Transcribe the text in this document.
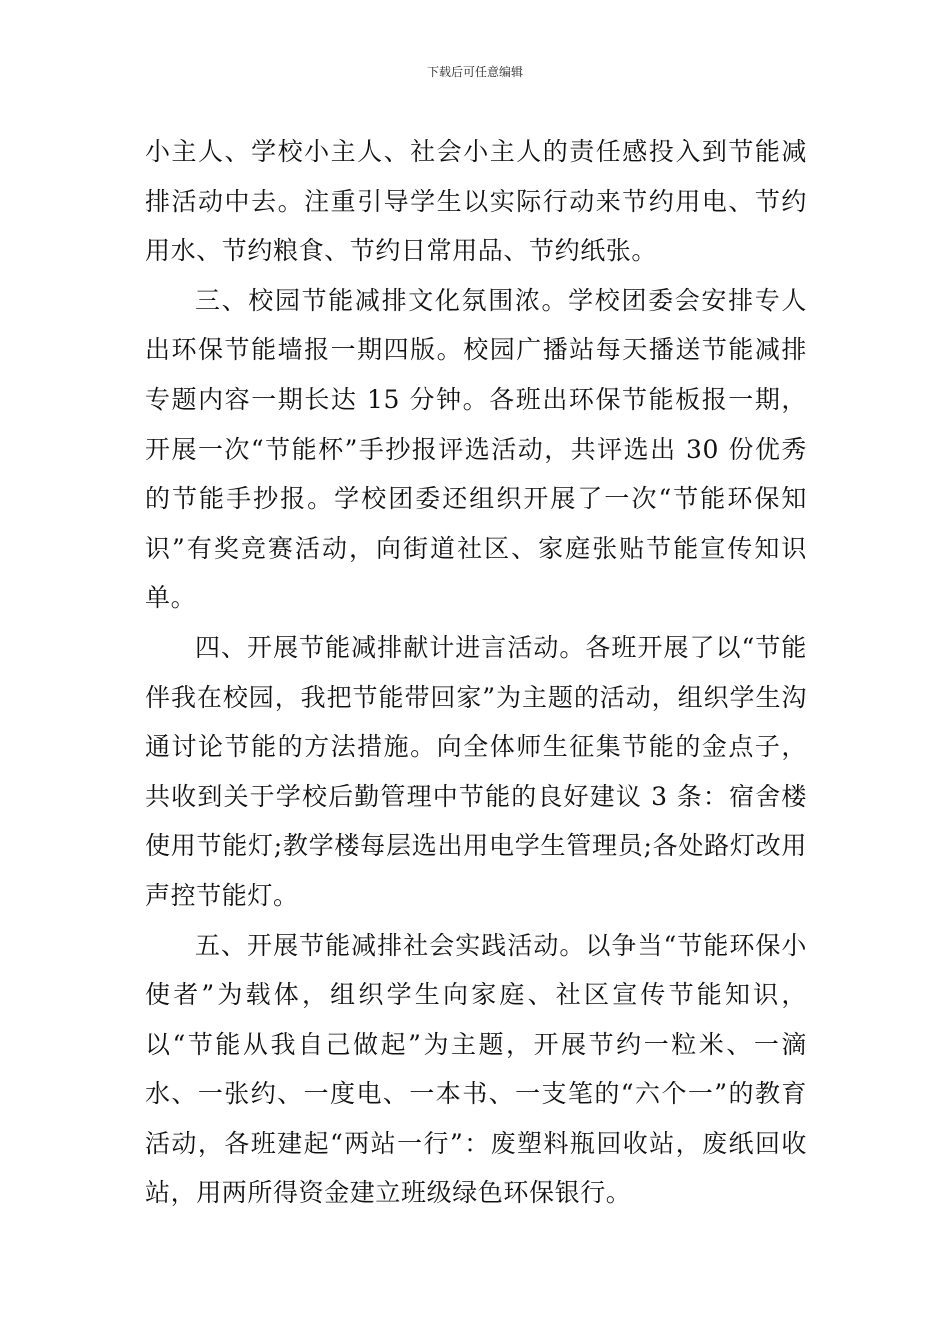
下载后可任意编辑

小主人、学校小主人、社会小主人的责任感投入到节能减排活动中去。注重引导学生以实际行动来节约用电、节约用水、节约粮食、节约日常用品、节约纸张。

三、校园节能减排文化氛围浓。学校团委会安排专人出环保节能墙报一期四版。校园广播站每天播送节能减排专题内容一期长达 15 分钟。各班出环保节能板报一期，开展一次“节能杯”手抄报评选活动，共评选出 30 份优秀的节能手抄报。学校团委还组织开展了一次“节能环保知识”有奖竞赛活动，向街道社区、家庭张贴节能宣传知识单。

四、开展节能减排献计进言活动。各班开展了以“节能伴我在校园，我把节能带回家”为主题的活动，组织学生沟通讨论节能的方法措施。向全体师生征集节能的金点子，共收到关于学校后勤管理中节能的良好建议 3 条：宿舍楼使用节能灯;教学楼每层选出用电学生管理员;各处路灯改用声控节能灯。

五、开展节能减排社会实践活动。以争当“节能环保小使者”为载体，组织学生向家庭、社区宣传节能知识，以“节能从我自己做起”为主题，开展节约一粒米、一滴水、一张约、一度电、一本书、一支笔的“六个一”的教育活动，各班建起“两站一行”：废塑料瓶回收站，废纸回收站，用两所得资金建立班级绿色环保银行。
